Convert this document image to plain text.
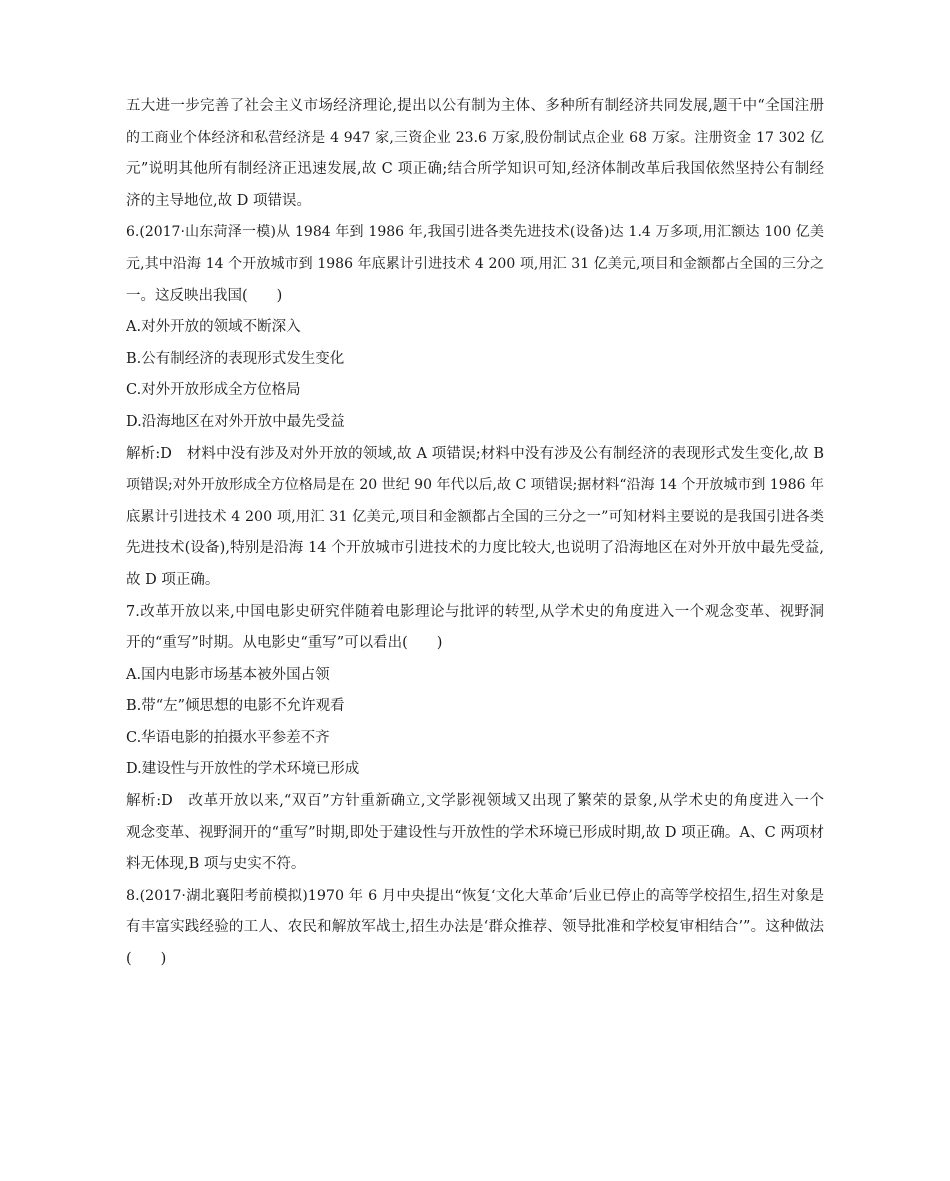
五大进一步完善了社会主义市场经济理论,提出以公有制为主体、多种所有制经济共同发展,题干中“全国注册
的工商业个体经济和私营经济是 4 947 家,三资企业 23.6 万家,股份制试点企业 68 万家。注册资金 17 302 亿
元”说明其他所有制经济正迅速发展,故 C 项正确;结合所学知识可知,经济体制改革后我国依然坚持公有制经
济的主导地位,故 D 项错误。
6.(2017·山东菏泽一模)从 1984 年到 1986 年,我国引进各类先进技术(设备)达 1.4 万多项,用汇额达 100 亿美
元,其中沿海 14 个开放城市到 1986 年底累计引进技术 4 200 项,用汇 31 亿美元,项目和金额都占全国的三分之
一。这反映出我国(　　)
A.对外开放的领域不断深入
B.公有制经济的表现形式发生变化
C.对外开放形成全方位格局
D.沿海地区在对外开放中最先受益
解析:D　材料中没有涉及对外开放的领域,故 A 项错误;材料中没有涉及公有制经济的表现形式发生变化,故 B
项错误;对外开放形成全方位格局是在 20 世纪 90 年代以后,故 C 项错误;据材料“沿海 14 个开放城市到 1986 年
底累计引进技术 4 200 项,用汇 31 亿美元,项目和金额都占全国的三分之一”可知材料主要说的是我国引进各类
先进技术(设备),特别是沿海 14 个开放城市引进技术的力度比较大,也说明了沿海地区在对外开放中最先受益,
故 D 项正确。
7.改革开放以来,中国电影史研究伴随着电影理论与批评的转型,从学术史的角度进入一个观念变革、视野洞
开的“重写”时期。从电影史“重写”可以看出(　　)
A.国内电影市场基本被外国占领
B.带“左”倾思想的电影不允许观看
C.华语电影的拍摄水平参差不齐
D.建设性与开放性的学术环境已形成
解析:D　改革开放以来,“双百”方针重新确立,文学影视领域又出现了繁荣的景象,从学术史的角度进入一个
观念变革、视野洞开的“重写”时期,即处于建设性与开放性的学术环境已形成时期,故 D 项正确。A、C 两项材
料无体现,B 项与史实不符。
8.(2017·湖北襄阳考前模拟)1970 年 6 月中央提出“恢复‘文化大革命’后业已停止的高等学校招生,招生对象是
有丰富实践经验的工人、农民和解放军战士,招生办法是‘群众推荐、领导批准和学校复审相结合’”。这种做法
(　　)
